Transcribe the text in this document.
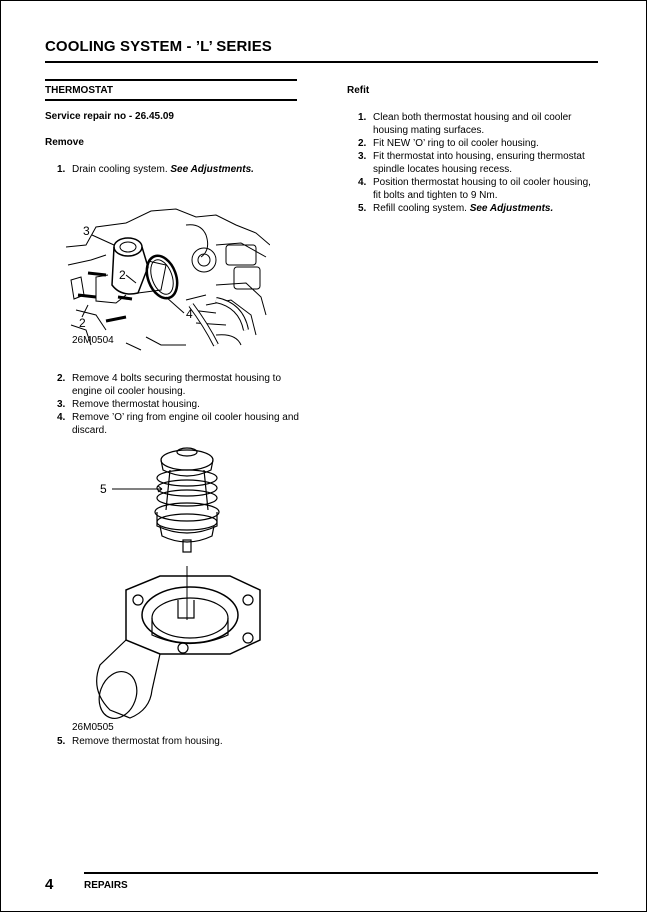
COOLING SYSTEM - ’L’ SERIES
THERMOSTAT
Service repair no - 26.45.09
Remove
1. Drain cooling system. See Adjustments.
3
2
2
4
26M0504
2. Remove 4 bolts securing thermostat housing to engine oil cooler housing.
3. Remove thermostat housing.
4. Remove ’O’ ring from engine oil cooler housing and discard.
5
26M0505
5. Remove thermostat from housing.
Refit
1. Clean both thermostat housing and oil cooler housing mating surfaces.
2. Fit NEW ’O’ ring to oil cooler housing.
3. Fit thermostat into housing, ensuring thermostat spindle locates housing recess.
4. Position thermostat housing to oil cooler housing, fit bolts and tighten to 9 Nm.
5. Refill cooling system. See Adjustments.
4	REPAIRS
